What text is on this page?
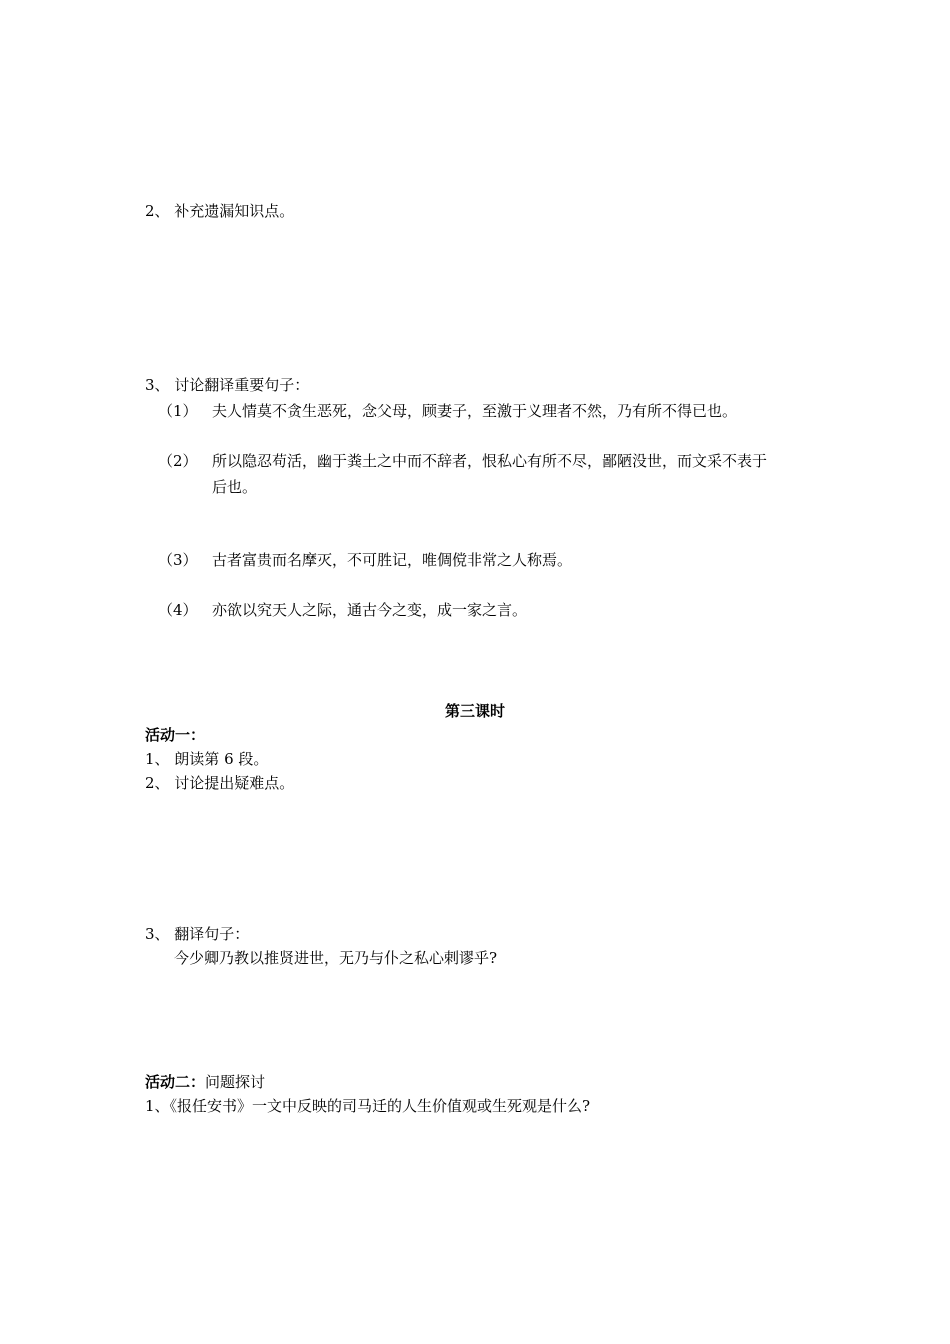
2、 补充遗漏知识点。
3、 讨论翻译重要句子：
（1） 夫人情莫不贪生恶死，念父母，顾妻子，至激于义理者不然，乃有所不得已也。
（2） 所以隐忍苟活，幽于粪土之中而不辞者，恨私心有所不尽，鄙陋没世，而文采不表于
后也。
（3） 古者富贵而名摩灭，不可胜记，唯倜傥非常之人称焉。
（4） 亦欲以究天人之际，通古今之变，成一家之言。
第三课时
活动一：
1、 朗读第 6 段。
2、 讨论提出疑难点。
3、 翻译句子：
今少卿乃教以推贤进世，无乃与仆之私心剌谬乎?
活动二：问题探讨
1、《报任安书》一文中反映的司马迁的人生价值观或生死观是什么?
